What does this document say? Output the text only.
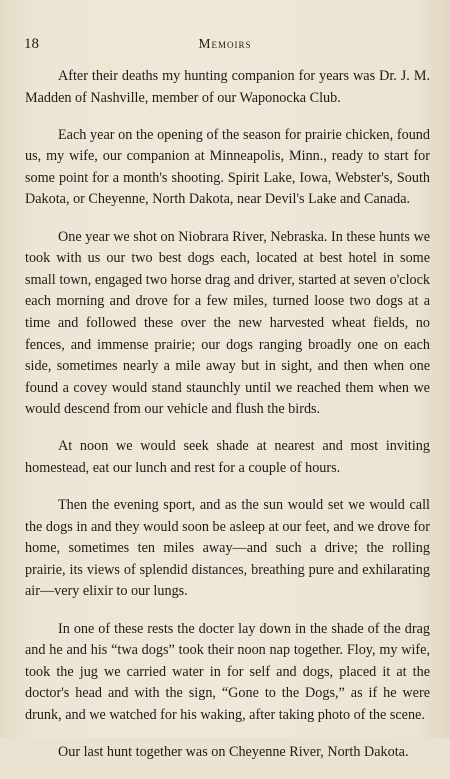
18	Memoirs

After their deaths my hunting companion for years was Dr. J. M. Madden of Nashville, member of our Waponocka Club.

Each year on the opening of the season for prairie chicken, found us, my wife, our companion at Minneapolis, Minn., ready to start for some point for a month's shooting. Spirit Lake, Iowa, Webster's, South Dakota, or Cheyenne, North Dakota, near Devil's Lake and Canada.

One year we shot on Niobrara River, Nebraska. In these hunts we took with us our two best dogs each, located at best hotel in some small town, engaged two horse drag and driver, started at seven o'clock each morning and drove for a few miles, turned loose two dogs at a time and followed these over the new harvested wheat fields, no fences, and immense prairie; our dogs ranging broadly one on each side, sometimes nearly a mile away but in sight, and then when one found a covey would stand staunchly until we reached them when we would descend from our vehicle and flush the birds.

At noon we would seek shade at nearest and most inviting homestead, eat our lunch and rest for a couple of hours.

Then the evening sport, and as the sun would set we would call the dogs in and they would soon be asleep at our feet, and we drove for home, sometimes ten miles away—and such a drive; the rolling prairie, its views of splendid distances, breathing pure and exhilarating air—very elixir to our lungs.

In one of these rests the docter lay down in the shade of the drag and he and his “twa dogs” took their noon nap together. Floy, my wife, took the jug we carried water in for self and dogs, placed it at the doctor's head and with the sign, “Gone to the Dogs,” as if he were drunk, and we watched for his waking, after taking photo of the scene.

Our last hunt together was on Cheyenne River, North Dakota.
